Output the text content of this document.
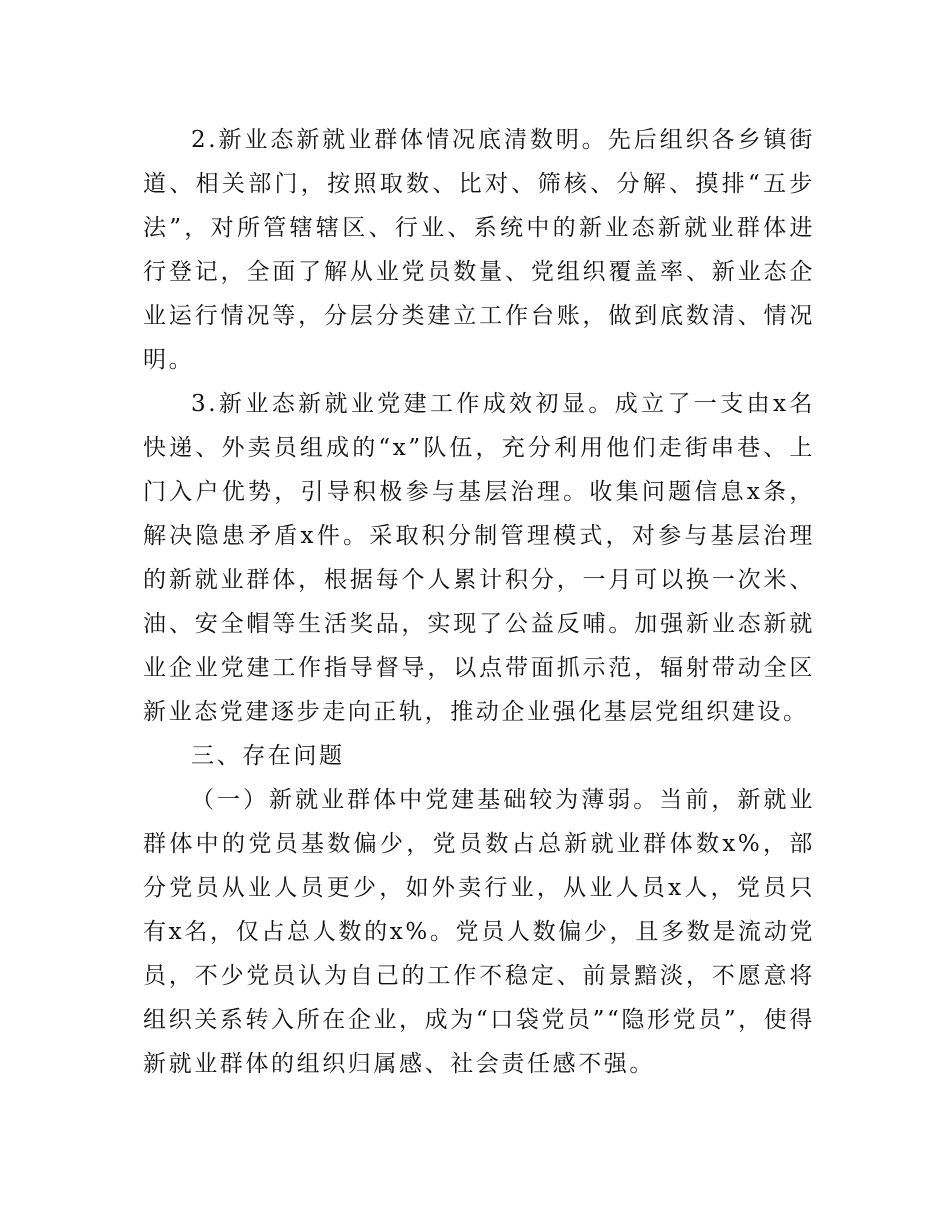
2.新业态新就业群体情况底清数明。先后组织各乡镇街道、相关部门，按照取数、比对、筛核、分解、摸排“五步法”，对所管辖辖区、行业、系统中的新业态新就业群体进行登记，全面了解从业党员数量、党组织覆盖率、新业态企业运行情况等，分层分类建立工作台账，做到底数清、情况明。

3.新业态新就业党建工作成效初显。成立了一支由x名快递、外卖员组成的“x”队伍，充分利用他们走街串巷、上门入户优势，引导积极参与基层治理。收集问题信息x条，解决隐患矛盾x件。采取积分制管理模式，对参与基层治理的新就业群体，根据每个人累计积分，一月可以换一次米、油、安全帽等生活奖品，实现了公益反哺。加强新业态新就业企业党建工作指导督导，以点带面抓示范，辐射带动全区新业态党建逐步走向正轨，推动企业强化基层党组织建设。

三、存在问题

（一）新就业群体中党建基础较为薄弱。当前，新就业群体中的党员基数偏少，党员数占总新就业群体数x%，部分党员从业人员更少，如外卖行业，从业人员x人，党员只有x名，仅占总人数的x%。党员人数偏少，且多数是流动党员，不少党员认为自己的工作不稳定、前景黯淡，不愿意将组织关系转入所在企业，成为“口袋党员”“隐形党员”，使得新就业群体的组织归属感、社会责任感不强。
